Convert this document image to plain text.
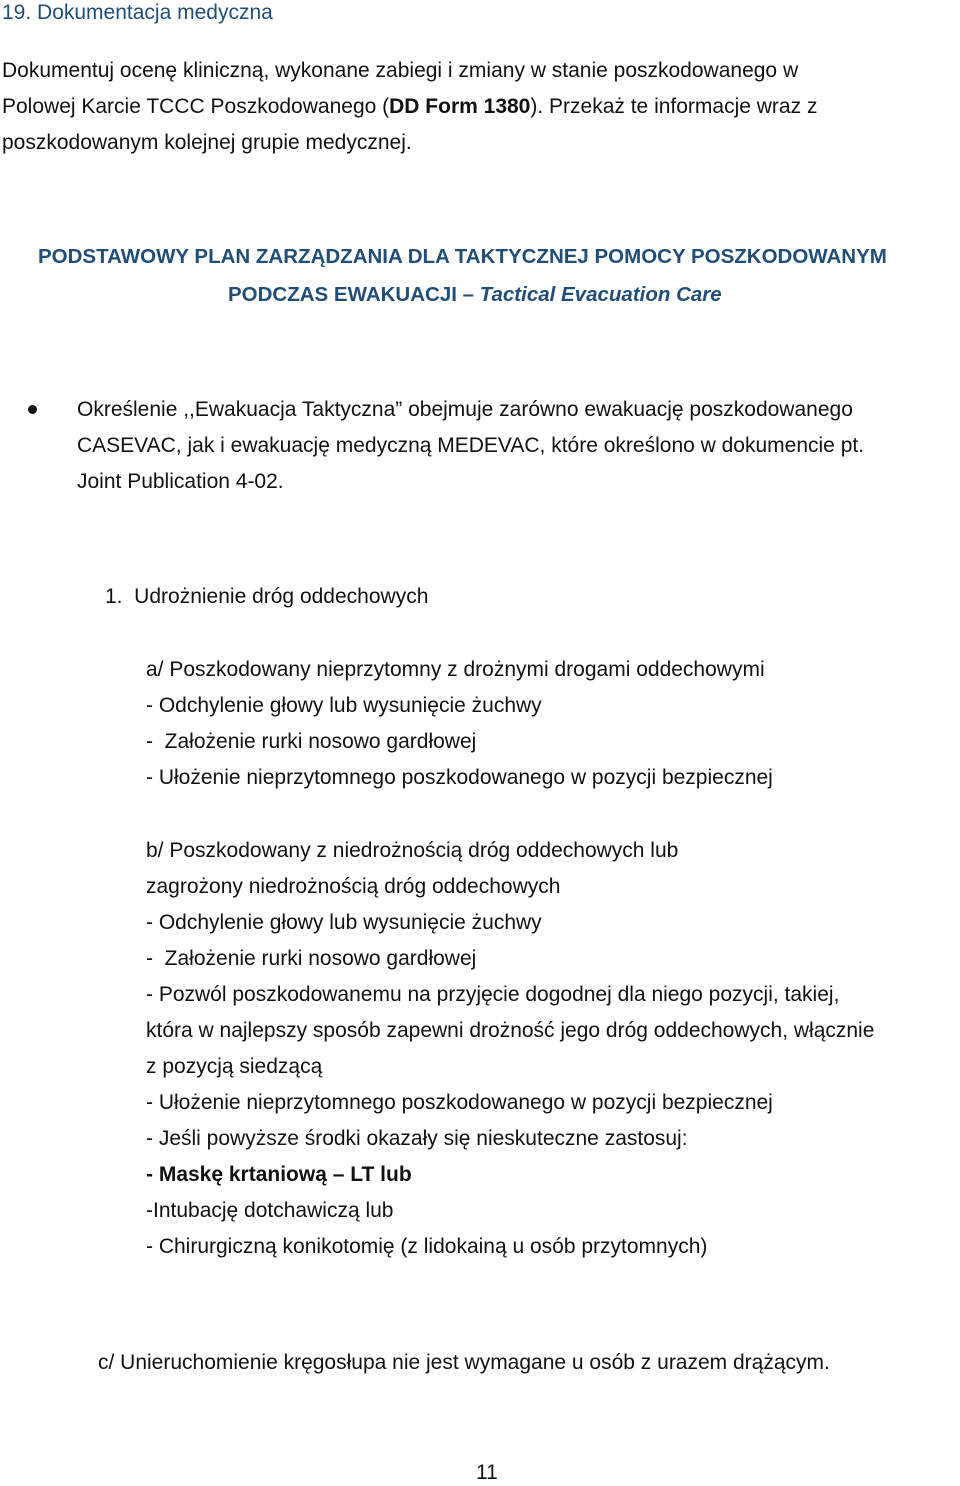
19. Dokumentacja medyczna

Dokumentuj ocenę kliniczną, wykonane zabiegi i zmiany w stanie poszkodowanego w

Polowej Karcie TCCC Poszkodowanego (DD Form 1380). Przekaż te informacje wraz z

poszkodowanym kolejnej grupie medycznej.

PODSTAWOWY PLAN ZARZĄDZANIA DLA TAKTYCZNEJ POMOCY POSZKODOWANYM

PODCZAS EWAKUACJI – Tactical Evacuation Care

Określenie ,,Ewakuacja Taktyczna” obejmuje zarówno ewakuację poszkodowanego

CASEVAC, jak i ewakuację medyczną MEDEVAC, które określono w dokumencie pt.

Joint Publication 4-02.

1.  Udrożnienie dróg oddechowych

a/ Poszkodowany nieprzytomny z drożnymi drogami oddechowymi

- Odchylenie głowy lub wysunięcie żuchwy

-  Założenie rurki nosowo gardłowej

- Ułożenie nieprzytomnego poszkodowanego w pozycji bezpiecznej

b/ Poszkodowany z niedrożnością dróg oddechowych lub

zagrożony niedrożnością dróg oddechowych

- Odchylenie głowy lub wysunięcie żuchwy

-  Założenie rurki nosowo gardłowej

- Pozwól poszkodowanemu na przyjęcie dogodnej dla niego pozycji, takiej,

która w najlepszy sposób zapewni drożność jego dróg oddechowych, włącznie

z pozycją siedzącą

- Ułożenie nieprzytomnego poszkodowanego w pozycji bezpiecznej

- Jeśli powyższe środki okazały się nieskuteczne zastosuj:

- Maskę krtaniową – LT lub

-Intubację dotchawiczą lub

- Chirurgiczną konikotomię (z lidokainą u osób przytomnych)

c/ Unieruchomienie kręgosłupa nie jest wymagane u osób z urazem drążącym.

11
